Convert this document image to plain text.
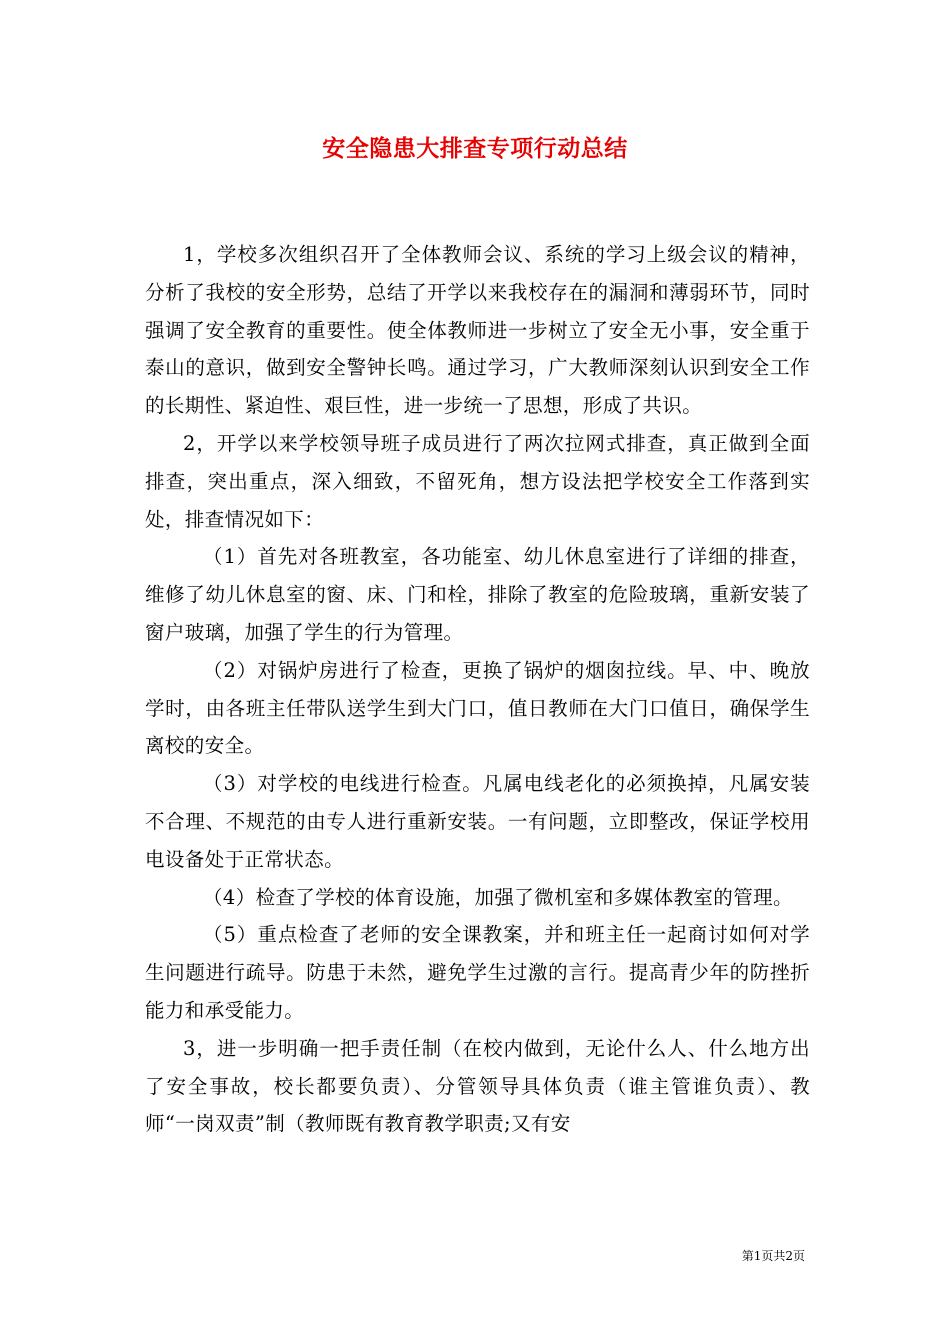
安全隐患大排查专项行动总结

1，学校多次组织召开了全体教师会议、系统的学习上级会议的精神，分析了我校的安全形势，总结了开学以来我校存在的漏洞和薄弱环节，同时强调了安全教育的重要性。使全体教师进一步树立了安全无小事，安全重于泰山的意识，做到安全警钟长鸣。通过学习，广大教师深刻认识到安全工作的长期性、紧迫性、艰巨性，进一步统一了思想，形成了共识。

2，开学以来学校领导班子成员进行了两次拉网式排查，真正做到全面排查，突出重点，深入细致，不留死角，想方设法把学校安全工作落到实处，排查情况如下：

（1）首先对各班教室，各功能室、幼儿休息室进行了详细的排查，维修了幼儿休息室的窗、床、门和栓，排除了教室的危险玻璃，重新安装了窗户玻璃，加强了学生的行为管理。

（2）对锅炉房进行了检查，更换了锅炉的烟囱拉线。早、中、晚放学时，由各班主任带队送学生到大门口，值日教师在大门口值日，确保学生离校的安全。

（3）对学校的电线进行检查。凡属电线老化的必须换掉，凡属安装不合理、不规范的由专人进行重新安装。一有问题，立即整改，保证学校用电设备处于正常状态。

（4）检查了学校的体育设施，加强了微机室和多媒体教室的管理。

（5）重点检查了老师的安全课教案，并和班主任一起商讨如何对学生问题进行疏导。防患于未然，避免学生过激的言行。提高青少年的防挫折能力和承受能力。

3，进一步明确一把手责任制（在校内做到，无论什么人、什么地方出了安全事故，校长都要负责）、分管领导具体负责（谁主管谁负责）、教师“一岗双责”制（教师既有教育教学职责;又有安

第1页共2页
